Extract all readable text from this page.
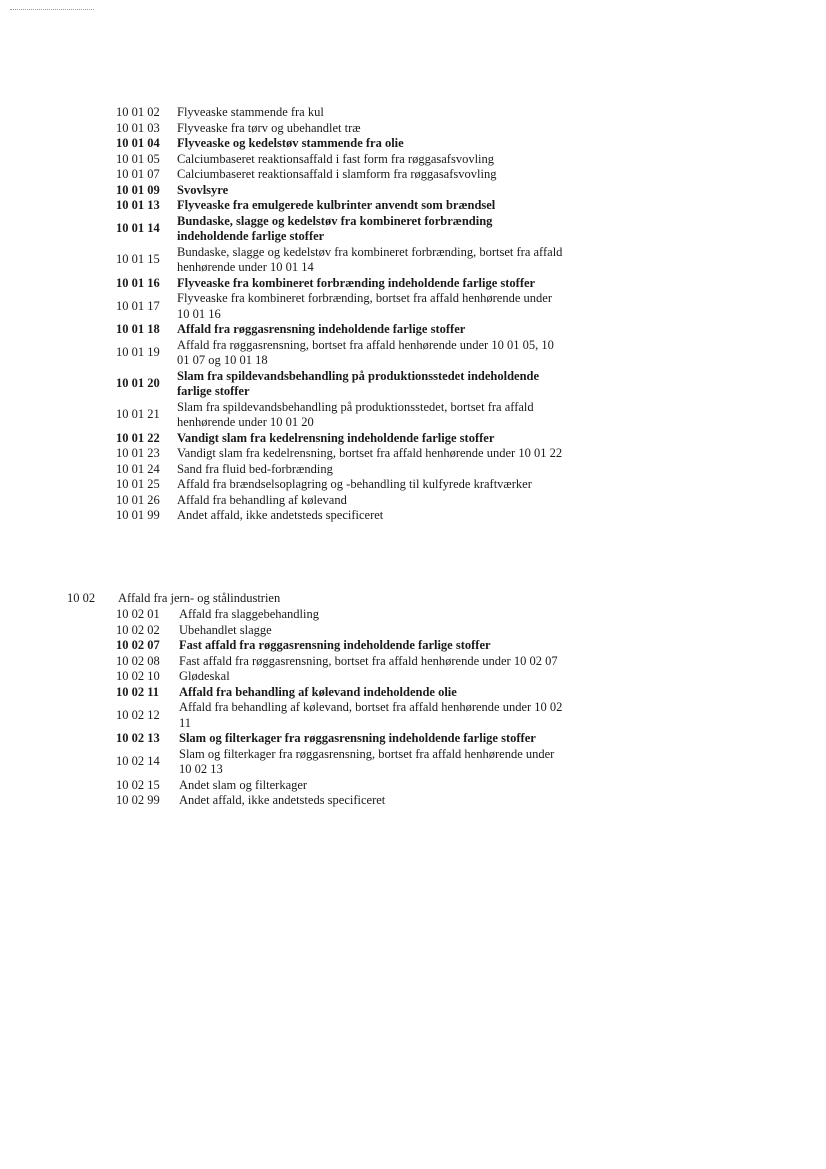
10 01 02 Flyveaske stammende fra kul
10 01 03 Flyveaske fra tørv og ubehandlet træ
10 01 04 Flyveaske og kedelstøv stammende fra olie
10 01 05 Calciumbaseret reaktionsaffald i fast form fra røggasafsvovling
10 01 07 Calciumbaseret reaktionsaffald i slamform fra røggasafsvovling
10 01 09 Svovlsyre
10 01 13 Flyveaske fra emulgerede kulbrinter anvendt som brændsel
10 01 14
Bundaske, slagge og kedelstøv fra kombineret forbrænding indeholdende farlige stoffer
10 01 15
Bundaske, slagge og kedelstøv fra kombineret forbrænding, bortset fra affald henhørende under 10 01 14
10 01 16 Flyveaske fra kombineret forbrænding indeholdende farlige stoffer
10 01 17
Flyveaske fra kombineret forbrænding, bortset fra affald henhørende under 10 01 16
10 01 18 Affald fra røggasrensning indeholdende farlige stoffer
10 01 19
Affald fra røggasrensning, bortset fra affald henhørende under 10 01 05, 10 01 07 og 10 01 18
10 01 20
Slam fra spildevandsbehandling på produktionsstedet indeholdende farlige stoffer
10 01 21
Slam fra spildevandsbehandling på produktionsstedet, bortset fra affald henhørende under 10 01 20
10 01 22 Vandigt slam fra kedelrensning indeholdende farlige stoffer
10 01 23 Vandigt slam fra kedelrensning, bortset fra affald henhørende under 10 01 22
10 01 24 Sand fra fluid bed-forbrænding
10 01 25 Affald fra brændselsoplagring og -behandling til kulfyrede kraftværker
10 01 26 Affald fra behandling af kølevand
10 01 99 Andet affald, ikke andetsteds specificeret
10 02 Affald fra jern- og stålindustrien
10 02 01 Affald fra slaggebehandling
10 02 02 Ubehandlet slagge
10 02 07 Fast affald fra røggasrensning indeholdende farlige stoffer
10 02 08 Fast affald fra røggasrensning, bortset fra affald henhørende under 10 02 07
10 02 10 Glødeskal
10 02 11 Affald fra behandling af kølevand indeholdende olie
10 02 12
Affald fra behandling af kølevand, bortset fra affald henhørende under 10 02 11
10 02 13 Slam og filterkager fra røggasrensning indeholdende farlige stoffer
10 02 14
Slam og filterkager fra røggasrensning, bortset fra affald henhørende under 10 02 13
10 02 15 Andet slam og filterkager
10 02 99 Andet affald, ikke andetsteds specificeret
